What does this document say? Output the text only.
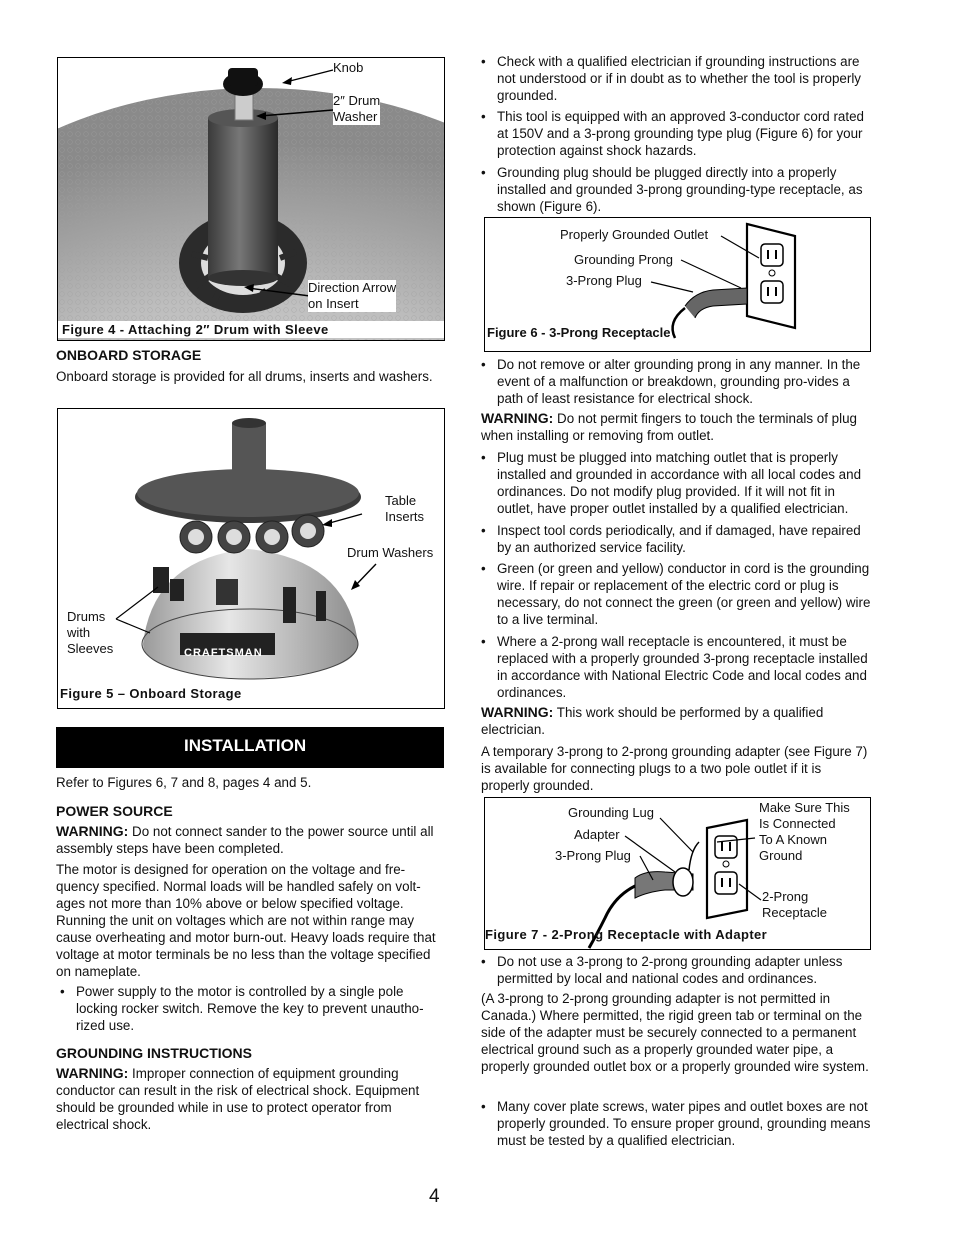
Knob
2″ Drum
Washer
Direction Arrow
on Insert
Figure 4 - Attaching 2″ Drum with Sleeve
ONBOARD STORAGE

Onboard storage is provided for all drums, inserts and washers.

CRAFTSMAN
Table
Inserts
Drum Washers
Drums
with
Sleeves
Figure 5 – Onboard Storage
INSTALLATION

Refer to Figures 6, 7 and 8, pages 4 and 5.

POWER SOURCE

WARNING: Do not connect sander to the power source until all assembly steps have been completed.

The motor is designed for operation on the voltage and fre-quency specified. Normal loads will be handled safely on volt-ages not more than 10% above or below specified voltage. Running the unit on voltages which are not within range may cause overheating and motor burn-out. Heavy loads require that voltage at motor terminals be no less than the voltage specified on nameplate.

• Power supply to the motor is controlled by a single pole locking rocker switch. Remove the key to prevent unautho-rized use.

GROUNDING INSTRUCTIONS

WARNING: Improper connection of equipment grounding conductor can result in the risk of electrical shock. Equipment should be grounded while in use to protect operator from electrical shock.

• Check with a qualified electrician if grounding instructions are not understood or if in doubt as to whether the tool is properly grounded.

• This tool is equipped with an approved 3-conductor cord rated at 150V and a 3-prong grounding type plug (Figure 6) for your protection against shock hazards.

• Grounding plug should be plugged directly into a properly installed and grounded 3-prong grounding-type receptacle, as shown (Figure 6).

Properly Grounded Outlet
Grounding Prong
3-Prong Plug
Figure 6 - 3-Prong Receptacle

• Do not remove or alter grounding prong in any manner. In the event of a malfunction or breakdown, grounding pro-vides a path of least resistance for electrical shock.

WARNING: Do not permit fingers to touch the terminals of plug when installing or removing from outlet.

• Plug must be plugged into matching outlet that is properly installed and grounded in accordance with all local codes and ordinances. Do not modify plug provided. If it will not fit in outlet, have proper outlet installed by a qualified electrician.

• Inspect tool cords periodically, and if damaged, have repaired by an authorized service facility.

• Green (or green and yellow) conductor in cord is the grounding wire. If repair or replacement of the electric cord or plug is necessary, do not connect the green (or green and yellow) wire to a live terminal.

• Where a 2-prong wall receptacle is encountered, it must be replaced with a properly grounded 3-prong receptacle installed in accordance with National Electric Code and local codes and ordinances.

WARNING: This work should be performed by a qualified electrician.

A temporary 3-prong to 2-prong grounding adapter (see Figure 7) is available for connecting plugs to a two pole outlet if it is properly grounded.

Grounding Lug
Adapter
3-Prong Plug
Make Sure This
Is Connected
To A Known
Ground
2-Prong
Receptacle
Figure 7 - 2-Prong Receptacle with Adapter

• Do not use a 3-prong to 2-prong grounding adapter unless permitted by local and national codes and ordinances.

(A 3-prong to 2-prong grounding adapter is not permitted in Canada.) Where permitted, the rigid green tab or terminal on the side of the adapter must be securely connected to a permanent electrical ground such as a properly grounded water pipe, a properly grounded outlet box or a properly grounded wire system.

• Many cover plate screws, water pipes and outlet boxes are not properly grounded. To ensure proper ground, grounding means must be tested by a qualified electrician.

4
